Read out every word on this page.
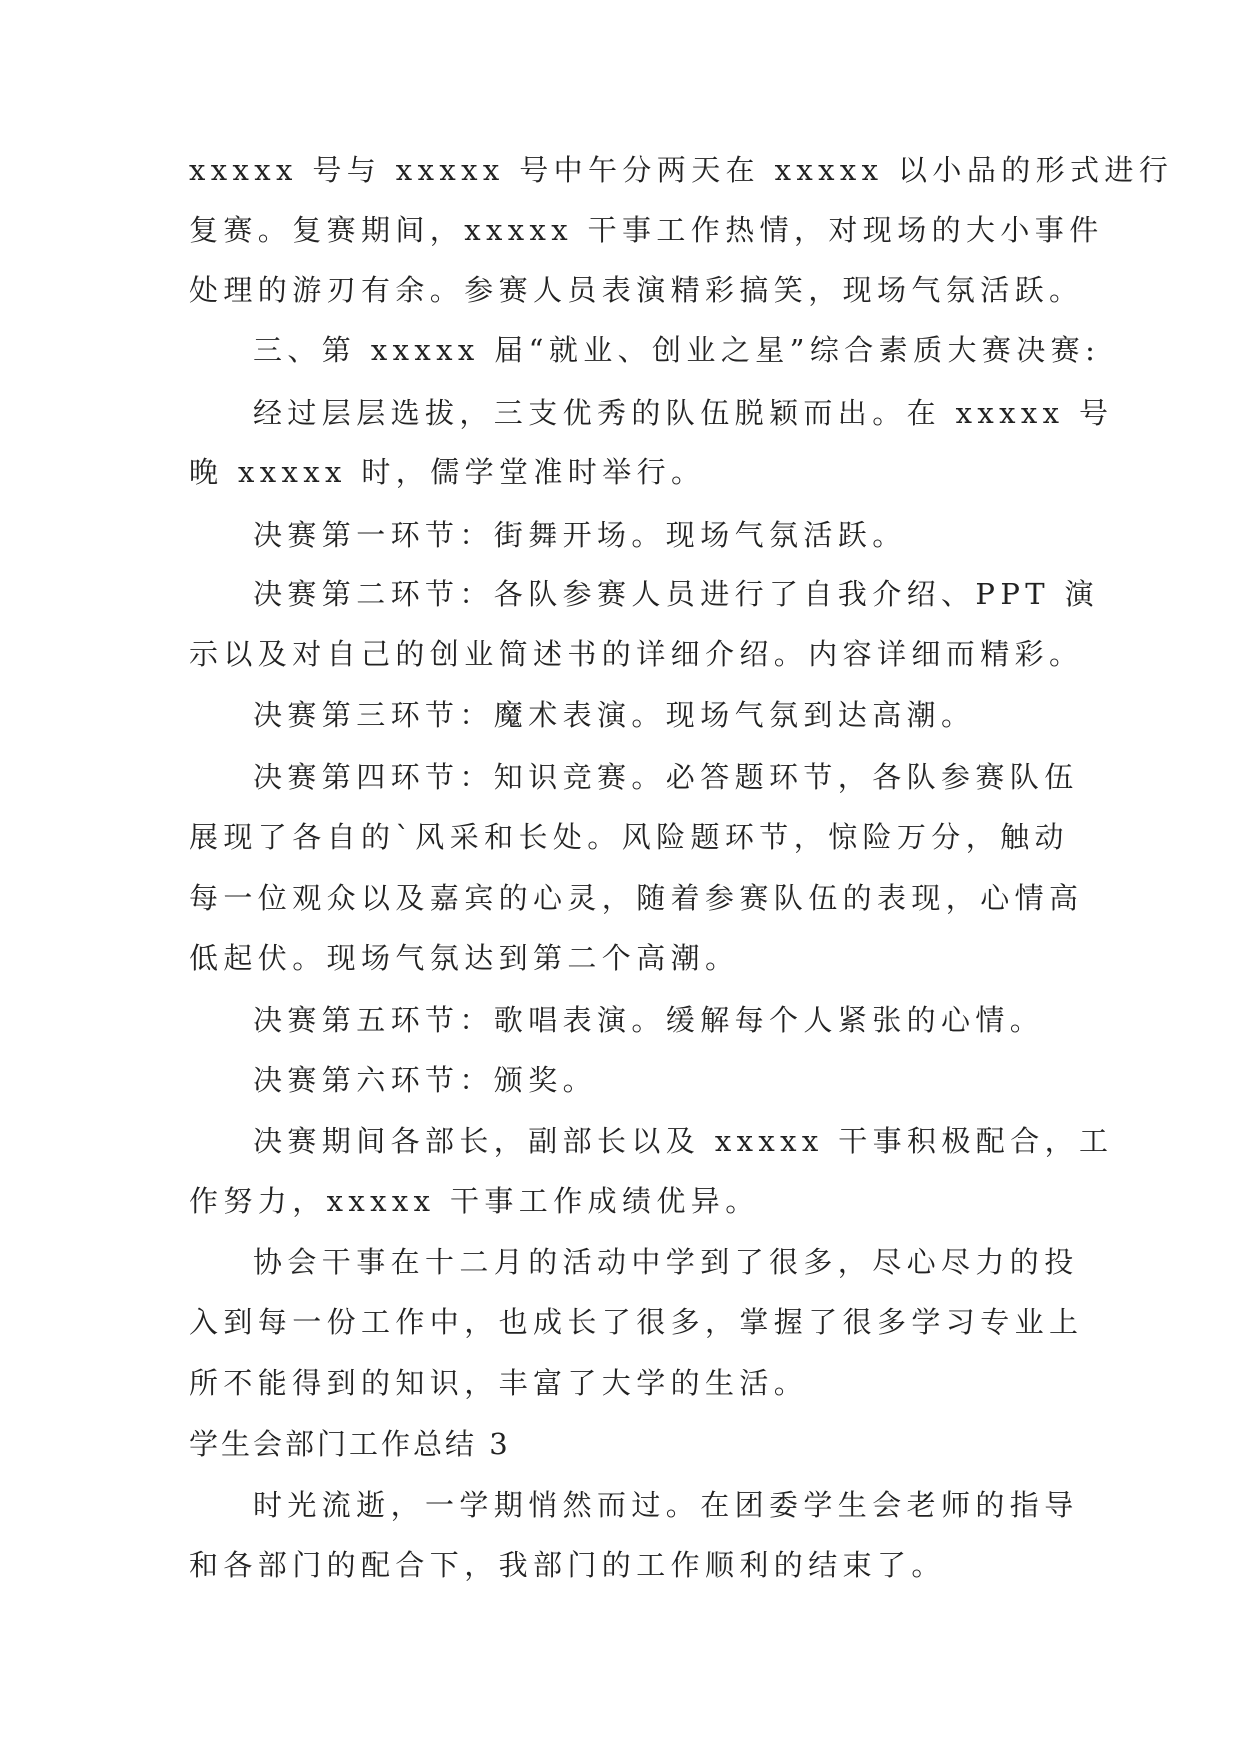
xxxxx 号与 xxxxx 号中午分两天在 xxxxx 以小品的形式进行
复赛。复赛期间，xxxxx 干事工作热情，对现场的大小事件
处理的游刃有余。参赛人员表演精彩搞笑，现场气氛活跃。
三、第 xxxxx 届“就业、创业之星”综合素质大赛决赛:
经过层层选拔，三支优秀的队伍脱颖而出。在 xxxxx 号
晚 xxxxx 时，儒学堂准时举行。
决赛第一环节：街舞开场。现场气氛活跃。
决赛第二环节：各队参赛人员进行了自我介绍、PPT 演
示以及对自己的创业简述书的详细介绍。内容详细而精彩。
决赛第三环节：魔术表演。现场气氛到达高潮。
决赛第四环节：知识竞赛。必答题环节，各队参赛队伍
展现了各自的`风采和长处。风险题环节，惊险万分，触动
每一位观众以及嘉宾的心灵，随着参赛队伍的表现，心情高
低起伏。现场气氛达到第二个高潮。
决赛第五环节：歌唱表演。缓解每个人紧张的心情。
决赛第六环节：颁奖。
决赛期间各部长，副部长以及 xxxxx 干事积极配合，工
作努力，xxxxx 干事工作成绩优异。
协会干事在十二月的活动中学到了很多，尽心尽力的投
入到每一份工作中，也成长了很多，掌握了很多学习专业上
所不能得到的知识，丰富了大学的生活。
学生会部门工作总结 3
时光流逝，一学期悄然而过。在团委学生会老师的指导
和各部门的配合下，我部门的工作顺利的结束了。
